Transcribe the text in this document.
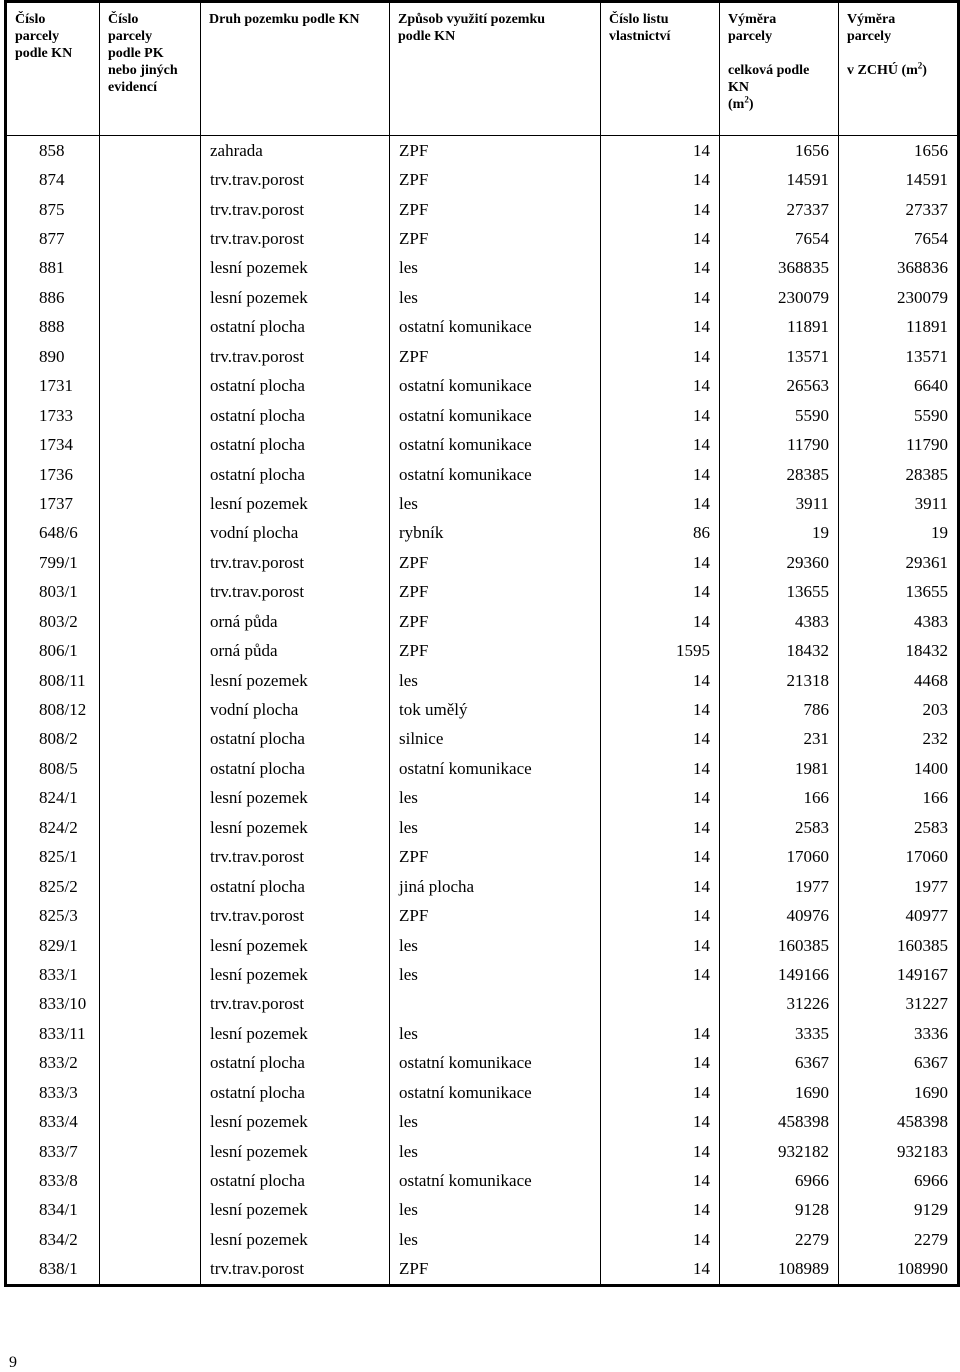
Číslo
parcely
podle KN	Číslo
parcely
podle PK
nebo jiných
evidencí	Druh pozemku podle KN	Způsob využití pozemku
podle KN	Číslo listu
vlastnictví	Výměra
parcely
celková podle
KN
$(m^2)$	Výměra
parcely
v ZCHÚ $(m^2)$
858		zahrada	ZPF	14	1656	1656
874		trv.trav.porost	ZPF	14	14591	14591
875		trv.trav.porost	ZPF	14	27337	27337
877		trv.trav.porost	ZPF	14	7654	7654
881		lesní pozemek	les	14	368835	368836
886		lesní pozemek	les	14	230079	230079
888		ostatní plocha	ostatní komunikace	14	11891	11891
890		trv.trav.porost	ZPF	14	13571	13571
1731		ostatní plocha	ostatní komunikace	14	26563	6640
1733		ostatní plocha	ostatní komunikace	14	5590	5590
1734		ostatní plocha	ostatní komunikace	14	11790	11790
1736		ostatní plocha	ostatní komunikace	14	28385	28385
1737		lesní pozemek	les	14	3911	3911
648/6		vodní plocha	rybník	86	19	19
799/1		trv.trav.porost	ZPF	14	29360	29361
803/1		trv.trav.porost	ZPF	14	13655	13655
803/2		orná půda	ZPF	14	4383	4383
806/1		orná půda	ZPF	1595	18432	18432
808/11		lesní pozemek	les	14	21318	4468
808/12		vodní plocha	tok umělý	14	786	203
808/2		ostatní plocha	silnice	14	231	232
808/5		ostatní plocha	ostatní komunikace	14	1981	1400
824/1		lesní pozemek	les	14	166	166
824/2		lesní pozemek	les	14	2583	2583
825/1		trv.trav.porost	ZPF	14	17060	17060
825/2		ostatní plocha	jiná plocha	14	1977	1977
825/3		trv.trav.porost	ZPF	14	40976	40977
829/1		lesní pozemek	les	14	160385	160385
833/1		lesní pozemek	les	14	149166	149167
833/10		trv.trav.porost			31226	31227
833/11		lesní pozemek	les	14	3335	3336
833/2		ostatní plocha	ostatní komunikace	14	6367	6367
833/3		ostatní plocha	ostatní komunikace	14	1690	1690
833/4		lesní pozemek	les	14	458398	458398
833/7		lesní pozemek	les	14	932182	932183
833/8		ostatní plocha	ostatní komunikace	14	6966	6966
834/1		lesní pozemek	les	14	9128	9129
834/2		lesní pozemek	les	14	2279	2279
838/1		trv.trav.porost	ZPF	14	108989	108990
9
